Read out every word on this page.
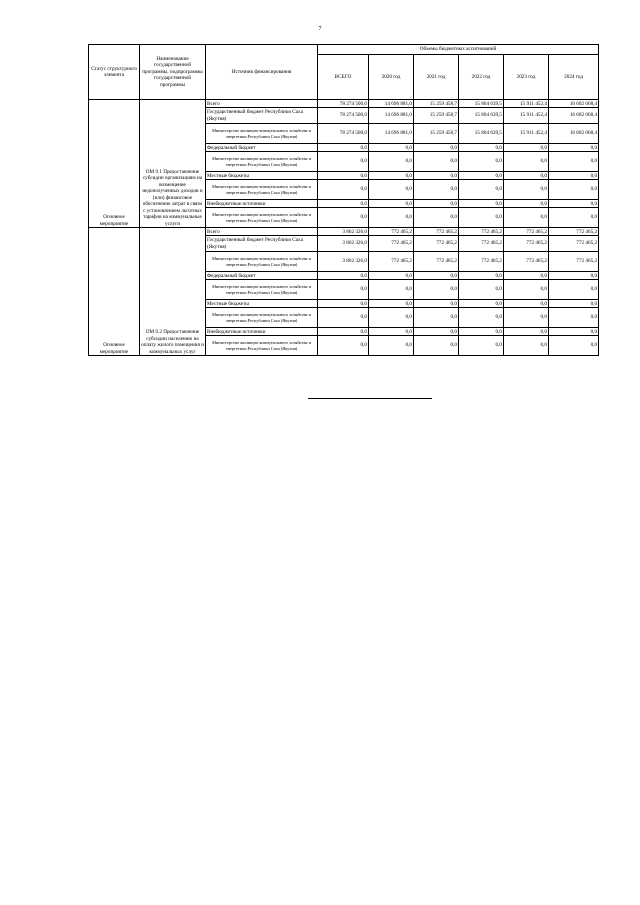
7
Статус структурного элемента	Наименование государственной программы, подпрограммы государственной программы	Источник финансирования	Объемы бюджетных ассигнований					
			ВСЕГО	2020 год	2021 год	2022 год	2023 год	2024 год
Основное мероприятие	ОМ 9.1 Предоставление субсидии организациям на возмещение недополученных доходов и (или) финансовое обеспечение затрат в связи с установлением льготных тарифов на коммунальные услуги	Всего	78 274 500,0	14 696 881,0	15 259 458,7	15 804 639,5	15 911 452,4	16 602 068,4
		Государственный бюджет Республики Саха (Якутия)	78 274 500,0	14 696 881,0	15 259 458,7	15 804 639,5	15 911 452,4	16 602 068,4
		Министерство жилищно-коммунального хозяйства и энергетики Республики Саха (Якутия)	78 274 500,0	14 696 881,0	15 259 458,7	15 804 639,5	15 911 452,4	16 602 068,4
		Федеральный бюджет	0,0	0,0	0,0	0,0	0,0	0,0
		Министерство жилищно-коммунального хозяйства и энергетики Республики Саха (Якутия)	0,0	0,0	0,0	0,0	0,0	0,0
		Местные бюджеты	0,0	0,0	0,0	0,0	0,0	0,0
		Министерство жилищно-коммунального хозяйства и энергетики Республики Саха (Якутия)	0,0	0,0	0,0	0,0	0,0	0,0
		Внебюджетные источники	0,0	0,0	0,0	0,0	0,0	0,0
		Министерство жилищно-коммунального хозяйства и энергетики Республики Саха (Якутия)	0,0	0,0	0,0	0,0	0,0	0,0
Основное мероприятие	ОМ 9.2 Предоставление субсидии населению на оплату жилого помещения и коммунальных услуг	Всего	3 862 326,0	772 465,2	772 465,2	772 465,2	772 465,2	772 465,2
		Государственный бюджет Республики Саха (Якутия)	3 862 326,0	772 465,2	772 465,2	772 465,2	772 465,2	772 465,2
		Министерство жилищно-коммунального хозяйства и энергетики Республики Саха (Якутия)	3 862 326,0	772 465,2	772 465,2	772 465,2	772 465,2	772 465,2
		Федеральный бюджет	0,0	0,0	0,0	0,0	0,0	0,0
		Министерство жилищно-коммунального хозяйства и энергетики Республики Саха (Якутия)	0,0	0,0	0,0	0,0	0,0	0,0
		Местные бюджеты	0,0	0,0	0,0	0,0	0,0	0,0
		Министерство жилищно-коммунального хозяйства и энергетики Республики Саха (Якутия)	0,0	0,0	0,0	0,0	0,0	0,0
		Внебюджетные источники	0,0	0,0	0,0	0,0	0,0	0,0
		Министерство жилищно-коммунального хозяйства и энергетики Республики Саха (Якутия)	0,0	0,0	0,0	0,0	0,0	0,0
